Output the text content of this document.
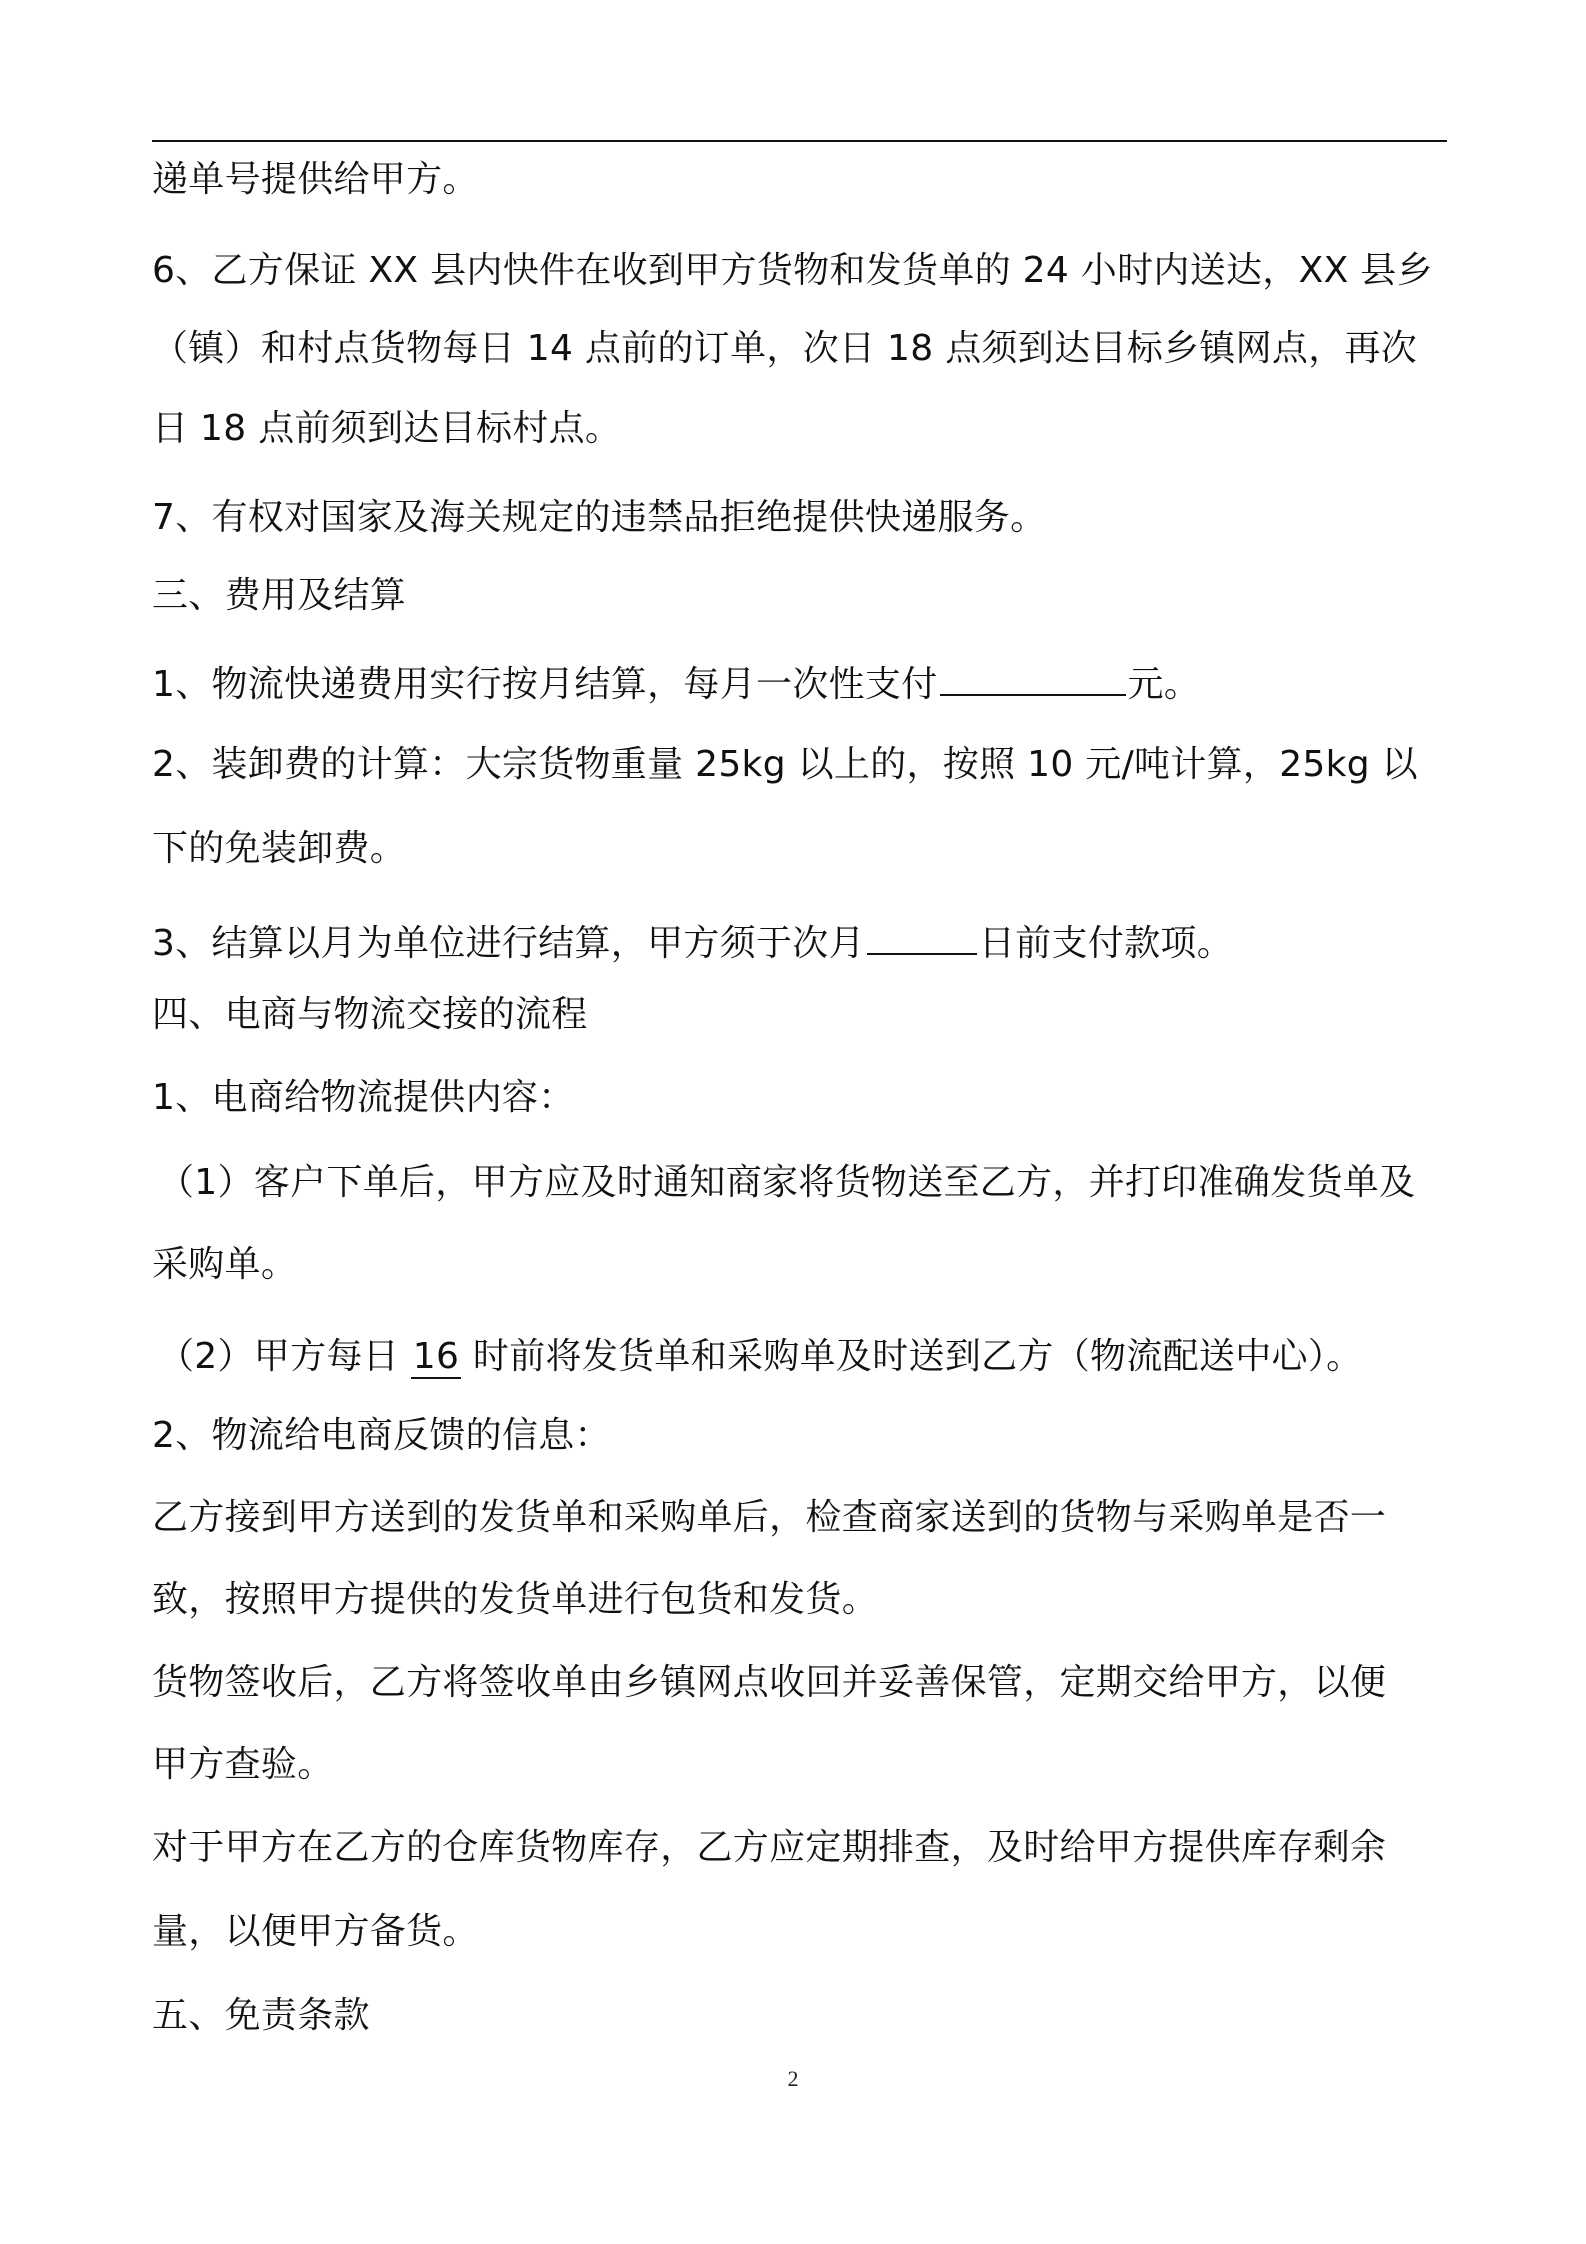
递单号提供给甲方。
6、乙方保证 XX 县内快件在收到甲方货物和发货单的 24 小时内送达，XX 县乡
（镇）和村点货物每日 14 点前的订单，次日 18 点须到达目标乡镇网点，再次
日 18 点前须到达目标村点。
7、有权对国家及海关规定的违禁品拒绝提供快递服务。
三、费用及结算
1、物流快递费用实行按月结算，每月一次性支付	元。
2、装卸费的计算：大宗货物重量 25kg 以上的，按照 10 元/吨计算，25kg 以
下的免装卸费。
3、结算以月为单位进行结算，甲方须于次月	日前支付款项。
四、电商与物流交接的流程
1、电商给物流提供内容：
（1）客户下单后，甲方应及时通知商家将货物送至乙方，并打印准确发货单及
采购单。
（2）甲方每日 16 时前将发货单和采购单及时送到乙方（物流配送中心）。
2、物流给电商反馈的信息：
乙方接到甲方送到的发货单和采购单后，检查商家送到的货物与采购单是否一
致，按照甲方提供的发货单进行包货和发货。
货物签收后，乙方将签收单由乡镇网点收回并妥善保管，定期交给甲方，以便
甲方查验。
对于甲方在乙方的仓库货物库存，乙方应定期排查，及时给甲方提供库存剩余
量，以便甲方备货。
五、免责条款
2
